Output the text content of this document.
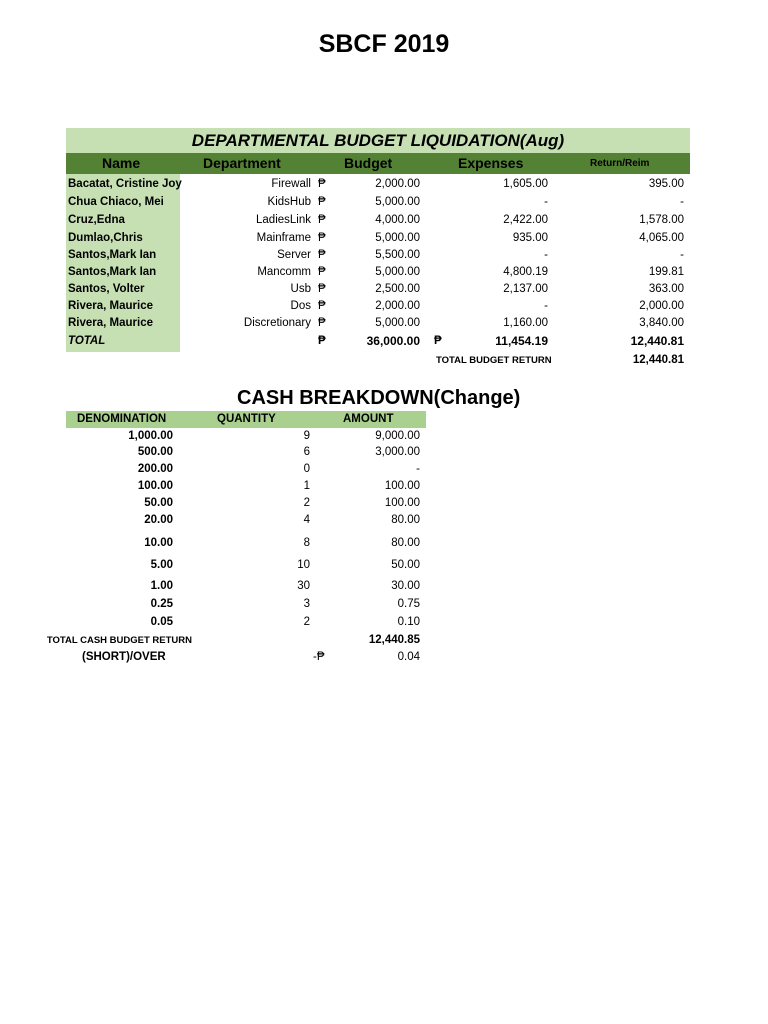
SBCF 2019
DEPARTMENTAL BUDGET LIQUIDATION(Aug)
Name	Department	Budget	Expenses	Return/Reim
Bacatat, Cristine Joy	Firewall ₱	2,000.00	1,605.00	395.00
Chua Chiaco, Mei	KidsHub ₱	5,000.00	-	-
Cruz,Edna	LadiesLink ₱	4,000.00	2,422.00	1,578.00
Dumlao,Chris	Mainframe ₱	5,000.00	935.00	4,065.00
Santos,Mark Ian	Server ₱	5,500.00	-	-
Santos,Mark Ian	Mancomm ₱	5,000.00	4,800.19	199.81
Santos, Volter	Usb ₱	2,500.00	2,137.00	363.00
Rivera, Maurice	Dos ₱	2,000.00	-	2,000.00
Rivera, Maurice	Discretionary ₱	5,000.00	1,160.00	3,840.00
TOTAL	₱	36,000.00 ₱	11,454.19	12,440.81
TOTAL BUDGET RETURN	12,440.81
CASH BREAKDOWN(Change)
DENOMINATION	QUANTITY	AMOUNT
1,000.00	9	9,000.00
500.00	6	3,000.00
200.00	0	-
100.00	1	100.00
50.00	2	100.00
20.00	4	80.00
10.00	8	80.00
5.00	10	50.00
1.00	30	30.00
0.25	3	0.75
0.05	2	0.10
TOTAL CASH BUDGET RETURN	12,440.85
(SHORT)/OVER	-₱	0.04
